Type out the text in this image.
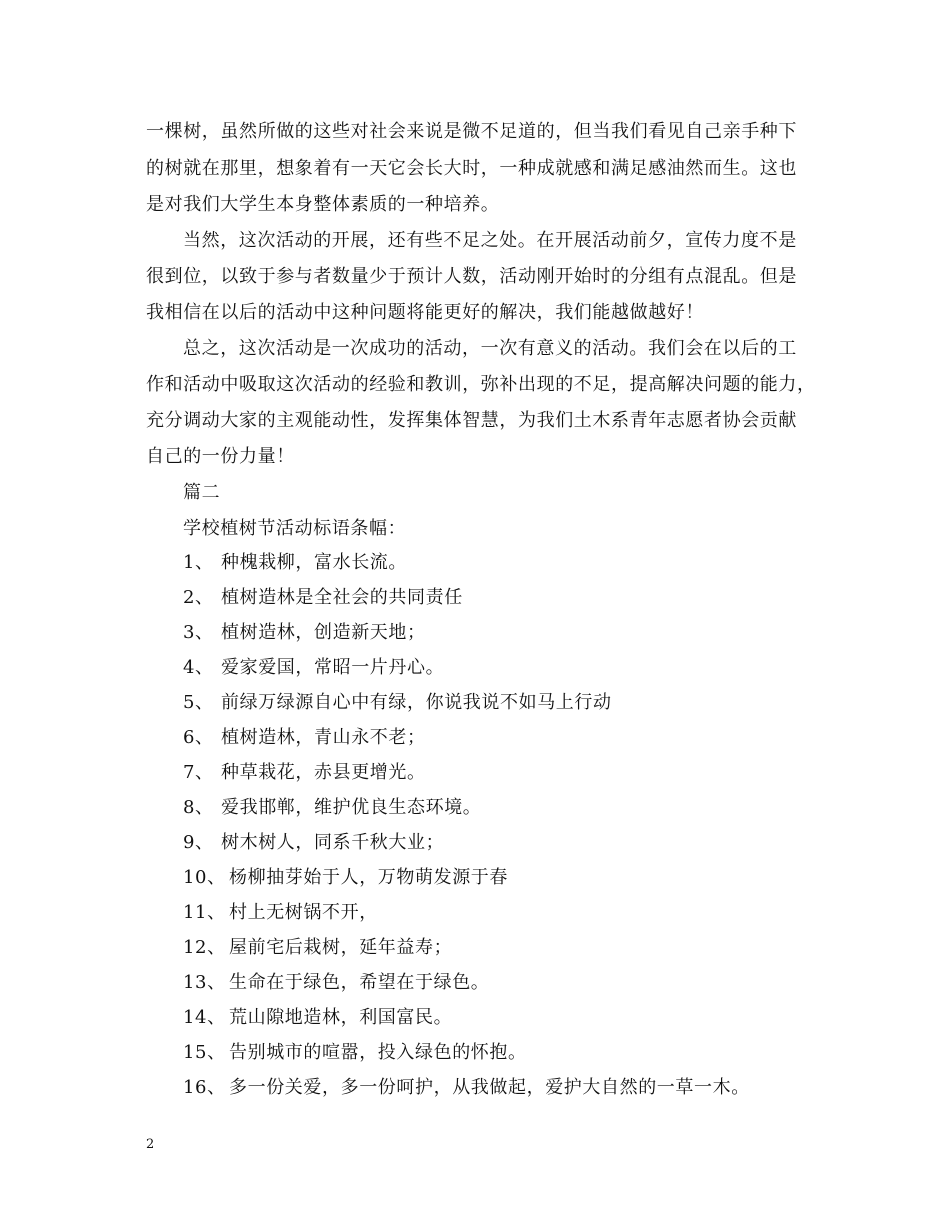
一棵树，虽然所做的这些对社会来说是微不足道的，但当我们看见自己亲手种下
的树就在那里，想象着有一天它会长大时，一种成就感和满足感油然而生。这也
是对我们大学生本身整体素质的一种培养。
当然，这次活动的开展，还有些不足之处。在开展活动前夕，宣传力度不是
很到位，以致于参与者数量少于预计人数，活动刚开始时的分组有点混乱。但是
我相信在以后的活动中这种问题将能更好的解决，我们能越做越好！
总之，这次活动是一次成功的活动，一次有意义的活动。我们会在以后的工
作和活动中吸取这次活动的经验和教训，弥补出现的不足，提高解决问题的能力，
充分调动大家的主观能动性，发挥集体智慧，为我们土木系青年志愿者协会贡献
自己的一份力量！
篇二
学校植树节活动标语条幅：
1、 种槐栽柳，富水长流。
2、 植树造林是全社会的共同责任
3、 植树造林，创造新天地；
4、 爱家爱国，常昭一片丹心。
5、 前绿万绿源自心中有绿，你说我说不如马上行动
6、 植树造林，青山永不老；
7、 种草栽花，赤县更增光。
8、 爱我邯郸，维护优良生态环境。
9、 树木树人，同系千秋大业；
10、 杨柳抽芽始于人，万物萌发源于春
11、 村上无树锅不开，
12、 屋前宅后栽树，延年益寿；
13、 生命在于绿色，希望在于绿色。
14、 荒山隙地造林，利国富民。
15、 告别城市的喧嚣，投入绿色的怀抱。
16、 多一份关爱，多一份呵护，从我做起，爱护大自然的一草一木。
2
